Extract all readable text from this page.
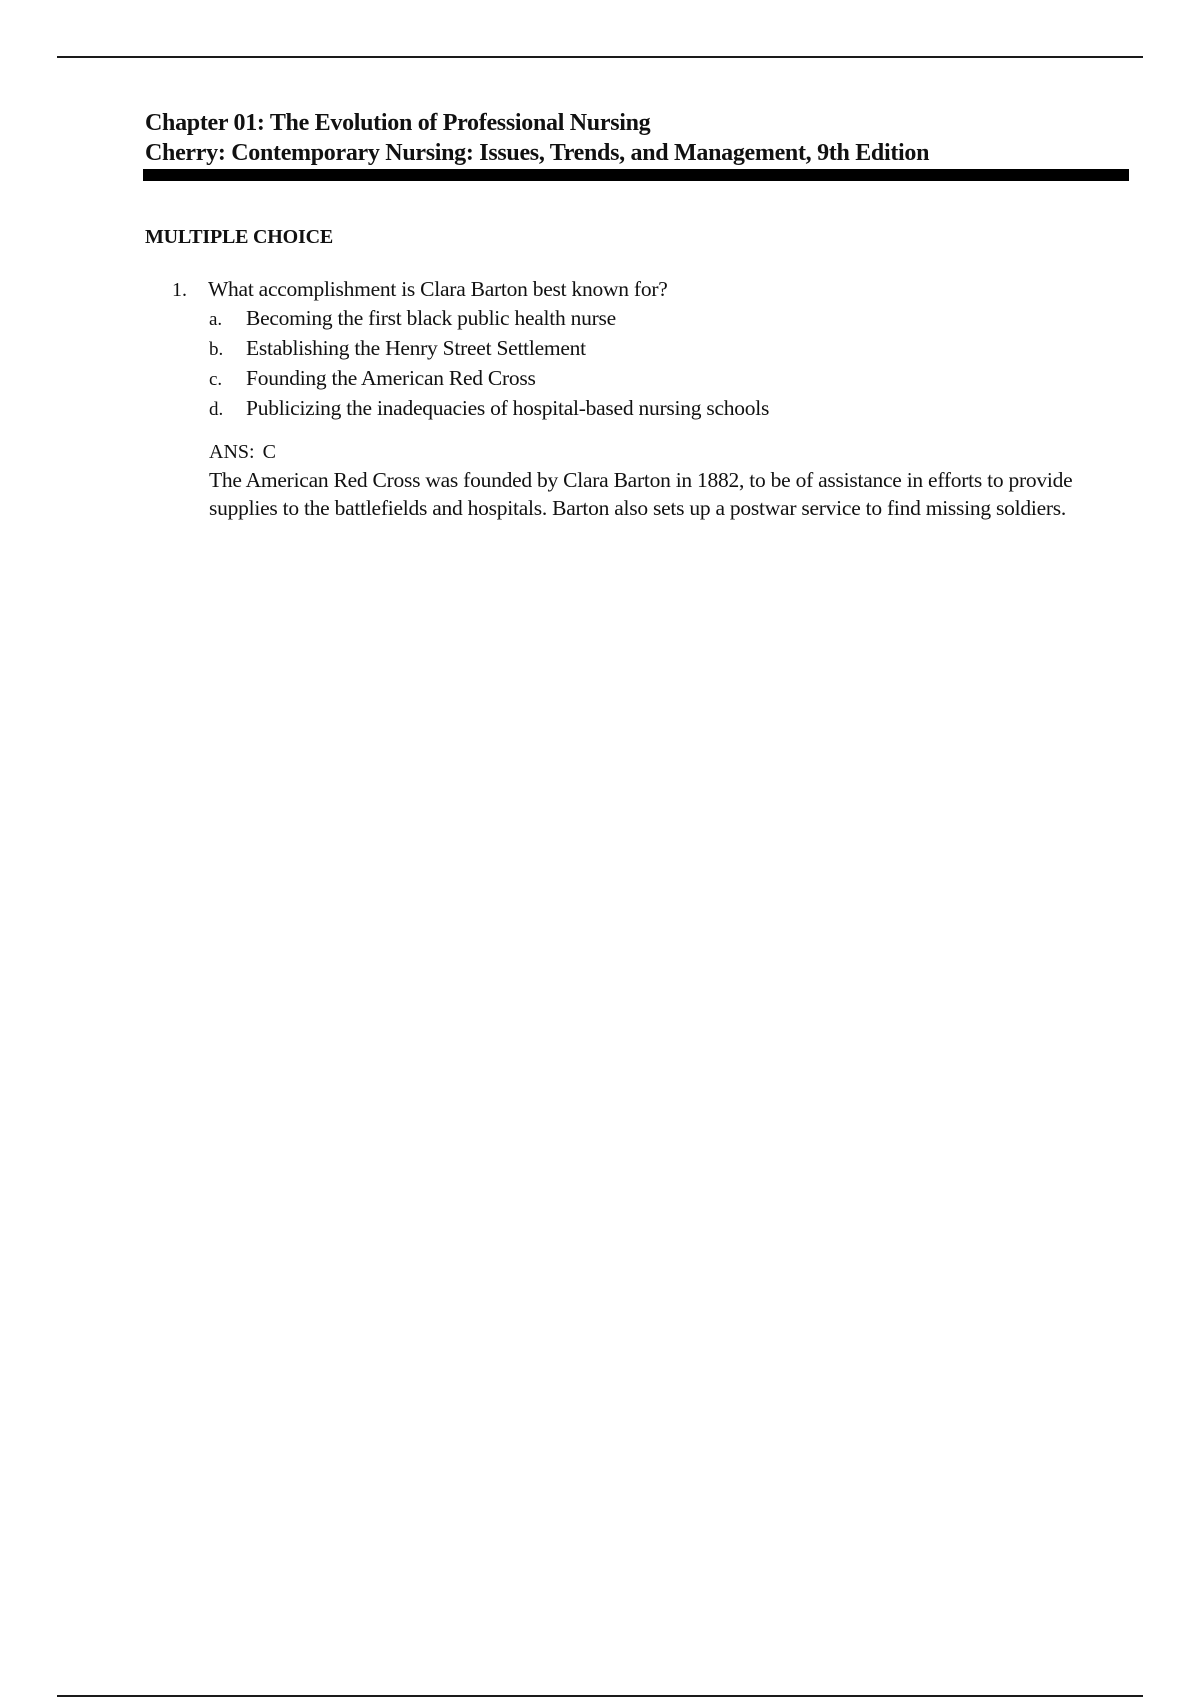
Chapter 01: The Evolution of Professional Nursing
Cherry: Contemporary Nursing: Issues, Trends, and Management, 9th Edition
MULTIPLE CHOICE
1. What accomplishment is Clara Barton best known for?
a.	Becoming the first black public health nurse
b.	Establishing the Henry Street Settlement
c.	Founding the American Red Cross
d.	Publicizing the inadequacies of hospital-based nursing schools
ANS: C

The American Red Cross was founded by Clara Barton in 1882, to be of assistance in efforts to provide supplies to the battlefields and hospitals. Barton also sets up a postwar service to find missing soldiers.
